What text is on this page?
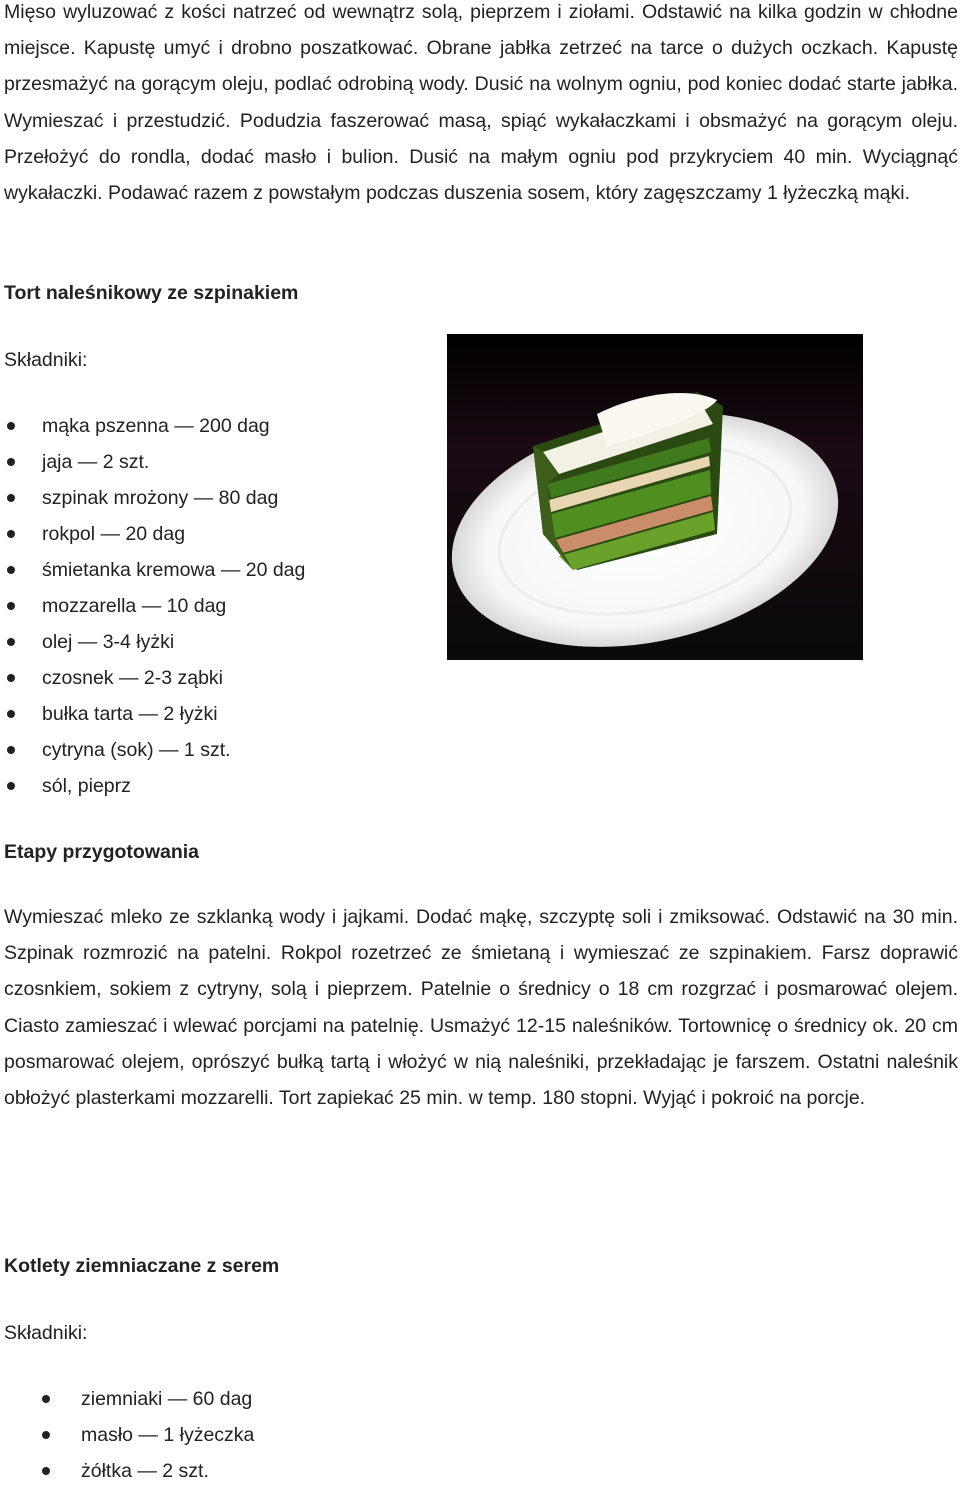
Mięso wyluzować z kości natrzeć od wewnątrz solą, pieprzem i ziołami. Odstawić na kilka godzin w chłodne miejsce. Kapustę umyć i drobno poszatkować. Obrane jabłka zetrzeć na tarce o dużych oczkach. Kapustę przesmażyć na gorącym oleju, podlać odrobiną wody. Dusić na wolnym ogniu, pod koniec dodać starte jabłka. Wymieszać i przestudzić. Podudzia faszerować masą, spiąć wykałaczkami i obsmażyć na gorącym oleju. Przełożyć do rondla, dodać masło i bulion. Dusić na małym ogniu pod przykryciem 40 min. Wyciągnąć wykałaczki. Podawać razem z powstałym podczas duszenia sosem, który zagęszczamy 1 łyżeczką mąki.

Tort naleśnikowy ze szpinakiem

Składniki:

mąka pszenna — 200 dag
jaja — 2 szt.
szpinak mrożony — 80 dag
rokpol — 20 dag
śmietanka kremowa — 20 dag
mozzarella — 10 dag
olej — 3-4 łyżki
czosnek — 2-3 ząbki
bułka tarta — 2 łyżki
cytryna (sok) — 1 szt.
sól, pieprz
Etapy przygotowania

Wymieszać mleko ze szklanką wody i jajkami. Dodać mąkę, szczyptę soli i zmiksować. Odstawić na 30 min. Szpinak rozmrozić na patelni. Rokpol rozetrzeć ze śmietaną i wymieszać ze szpinakiem. Farsz doprawić czosnkiem, sokiem z cytryny, solą i pieprzem. Patelnie o średnicy o 18 cm rozgrzać i posmarować olejem. Ciasto zamieszać i wlewać porcjami na patelnię. Usmażyć 12-15 naleśników. Tortownicę o średnicy ok. 20 cm posmarować olejem, oprószyć bułką tartą i włożyć w nią naleśniki, przekładając je farszem. Ostatni naleśnik obłożyć plasterkami mozzarelli. Tort zapiekać 25 min. w temp. 180 stopni. Wyjąć i pokroić na porcje.

Kotlety ziemniaczane z serem

Składniki:

ziemniaki — 60 dag
masło — 1 łyżeczka
żółtka — 2 szt.
